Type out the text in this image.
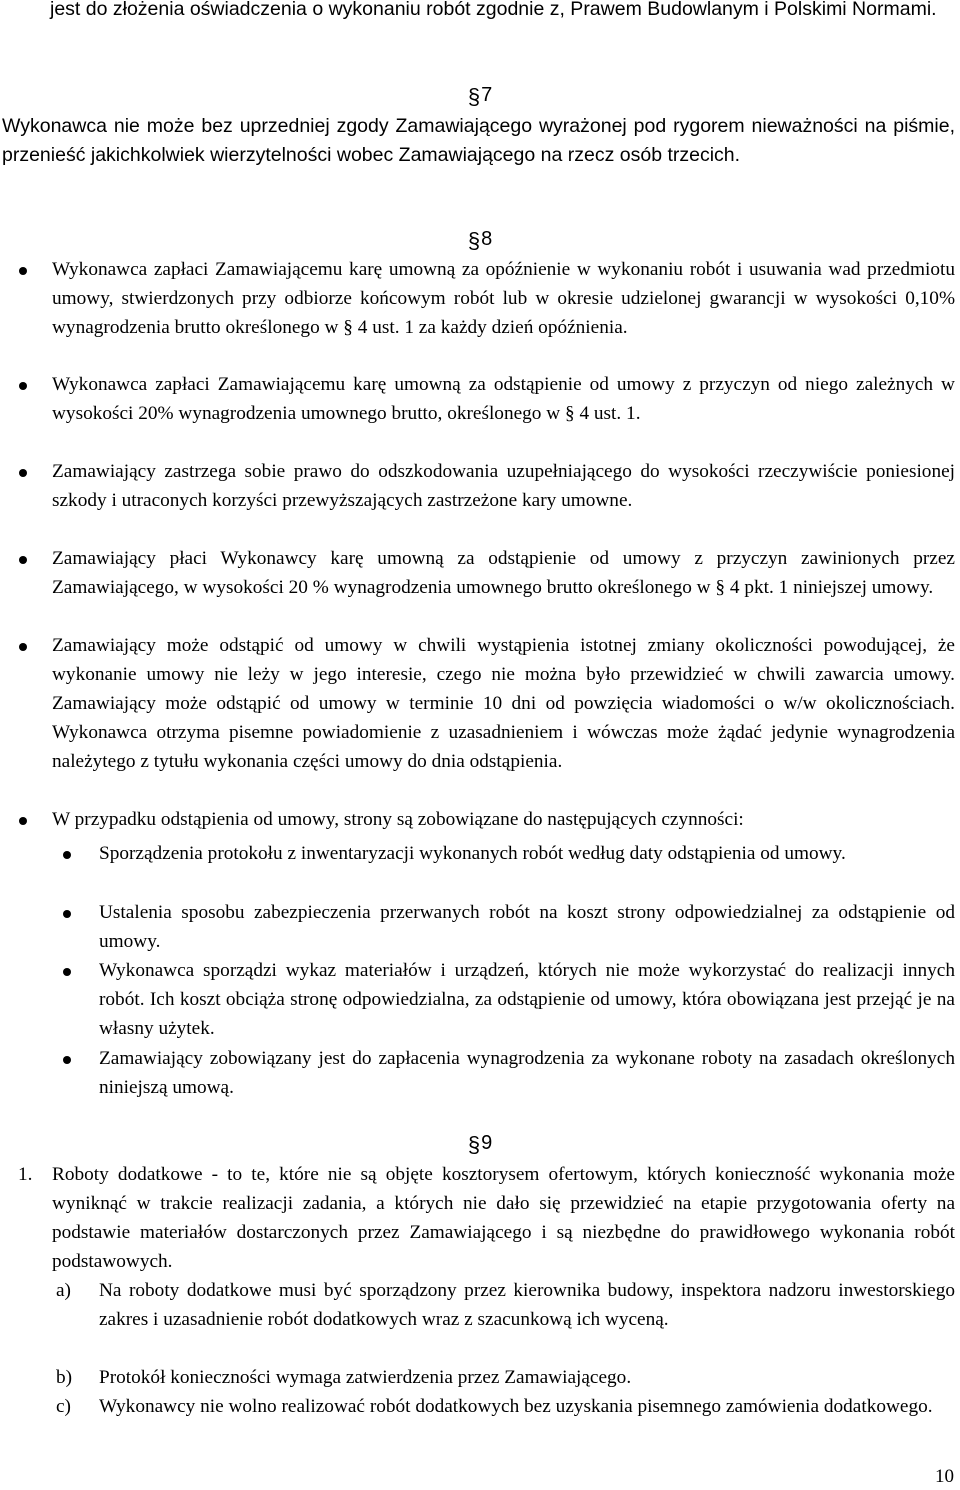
jest do złożenia oświadczenia o wykonaniu robót zgodnie z, Prawem Budowlanym i Polskimi Normami.

§7

Wykonawca nie może bez uprzedniej zgody Zamawiającego wyrażonej pod rygorem nieważności na piśmie, przenieść jakichkolwiek wierzytelności wobec Zamawiającego na rzecz osób trzecich.

§8

Wykonawca zapłaci Zamawiającemu karę umowną za opóźnienie w wykonaniu robót i usuwania wad przedmiotu umowy, stwierdzonych przy odbiorze końcowym robót lub w okresie udzielonej gwarancji w wysokości 0,10% wynagrodzenia brutto określonego w § 4 ust. 1 za każdy dzień opóźnienia.

Wykonawca zapłaci Zamawiającemu karę umowną za odstąpienie od umowy z przyczyn od niego zależnych w wysokości 20% wynagrodzenia umownego brutto, określonego w § 4 ust. 1.

Zamawiający zastrzega sobie prawo do odszkodowania uzupełniającego do wysokości rzeczywiście poniesionej szkody i utraconych korzyści przewyższających zastrzeżone kary umowne.

Zamawiający płaci Wykonawcy karę umowną za odstąpienie od umowy z przyczyn zawinionych przez Zamawiającego, w wysokości 20 % wynagrodzenia umownego brutto określonego w § 4 pkt. 1 niniejszej umowy.

Zamawiający może odstąpić od umowy w chwili wystąpienia istotnej zmiany okoliczności powodującej, że wykonanie umowy nie leży w jego interesie, czego nie można było przewidzieć w chwili zawarcia umowy. Zamawiający może odstąpić od umowy w terminie 10 dni od powzięcia wiadomości o w/w okolicznościach. Wykonawca otrzyma pisemne powiadomienie z uzasadnieniem i wówczas może żądać jedynie wynagrodzenia należytego z tytułu wykonania części umowy do dnia odstąpienia.

W przypadku odstąpienia od umowy, strony są zobowiązane do następujących czynności:

Sporządzenia protokołu z inwentaryzacji wykonanych robót według daty odstąpienia od umowy.

Ustalenia sposobu zabezpieczenia przerwanych robót na koszt strony odpowiedzialnej za odstąpienie od umowy.

Wykonawca sporządzi wykaz materiałów i urządzeń, których nie może wykorzystać do realizacji innych robót. Ich koszt obciąża stronę odpowiedzialna, za odstąpienie od umowy, która obowiązana jest przejąć je na własny użytek.

Zamawiający zobowiązany jest do zapłacenia wynagrodzenia za wykonane roboty na zasadach określonych niniejszą umową.

§9
1. Roboty dodatkowe - to te, które nie są objęte kosztorysem ofertowym, których konieczność wykonania może wyniknąć w trakcie realizacji zadania, a których nie dało się przewidzieć na etapie przygotowania oferty na podstawie materiałów dostarczonych przez Zamawiającego i są niezbędne do prawidłowego wykonania robót podstawowych.

a) Na roboty dodatkowe musi być sporządzony przez kierownika budowy, inspektora nadzoru inwestorskiego zakres i uzasadnienie robót dodatkowych wraz z szacunkową ich wyceną.

b) Protokół konieczności wymaga zatwierdzenia przez Zamawiającego.

c) Wykonawcy nie wolno realizować robót dodatkowych bez uzyskania pisemnego zamówienia dodatkowego.

10
